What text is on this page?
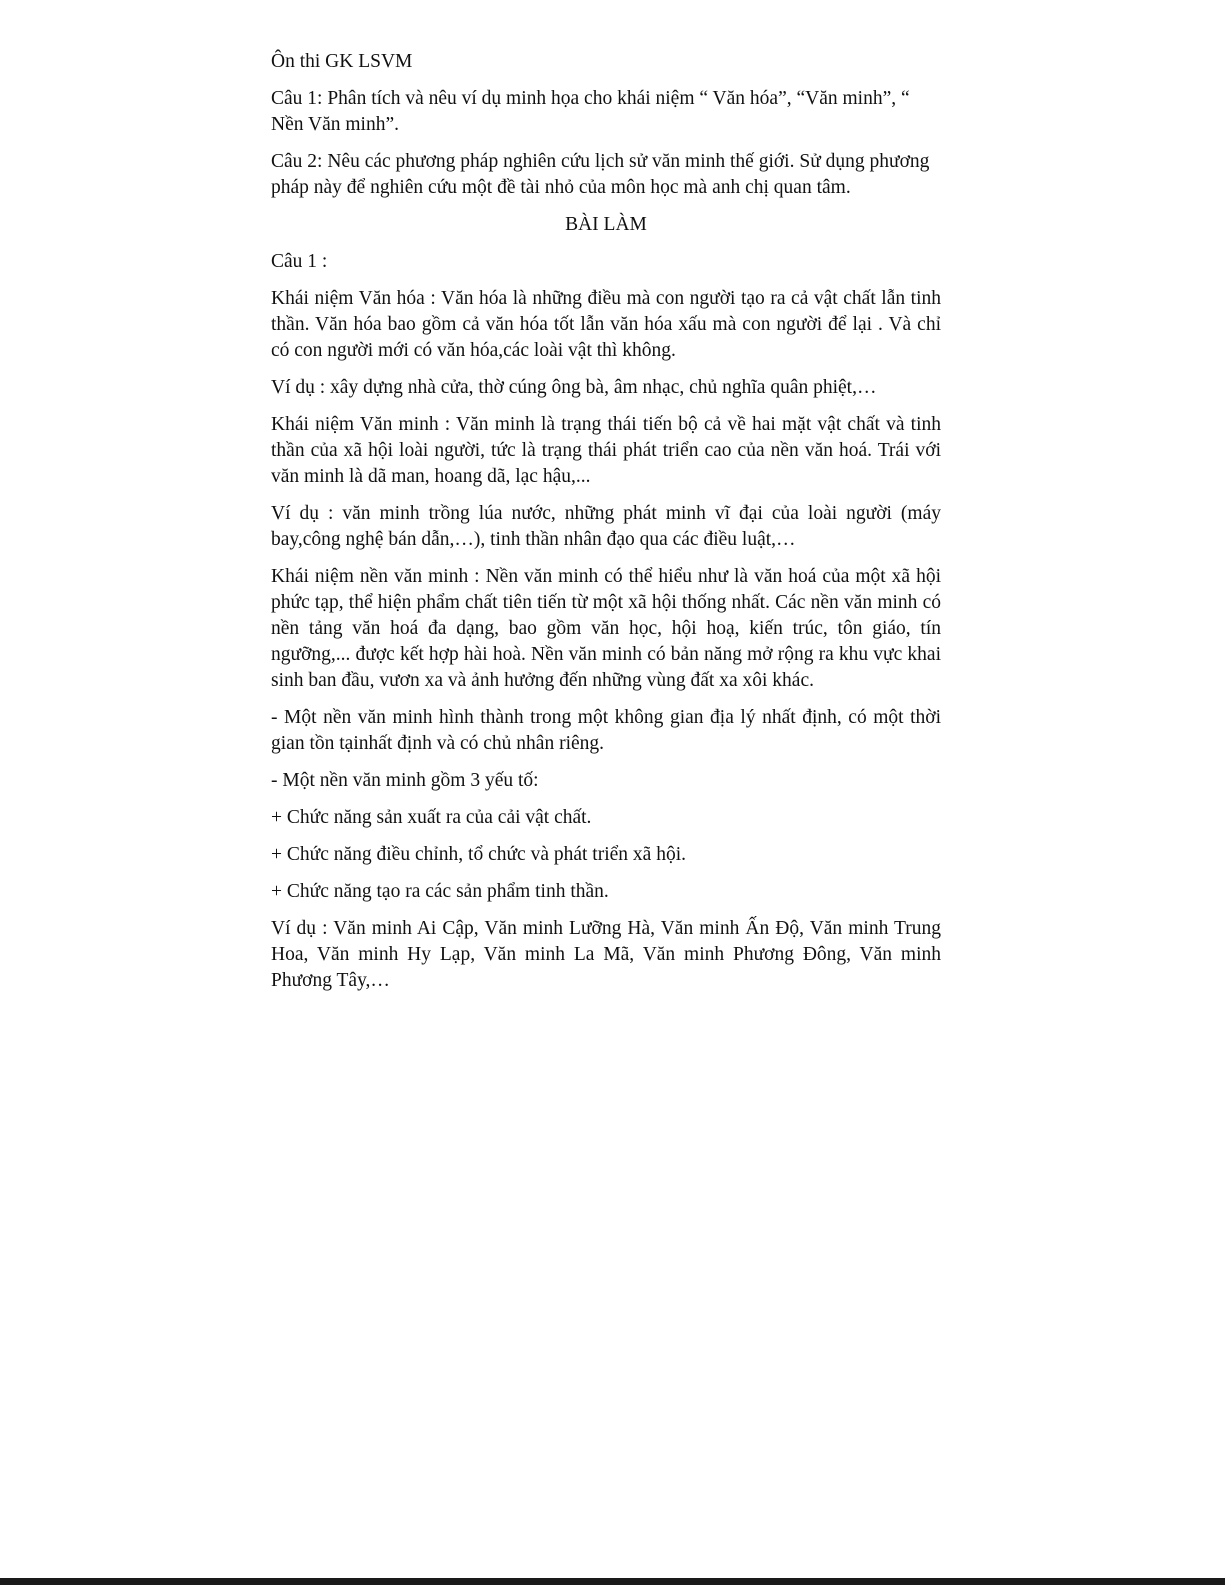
Ôn thi GK LSVM

Câu 1: Phân tích và nêu ví dụ minh họa cho khái niệm “ Văn hóa”, “Văn minh”, “ Nền Văn minh”.

Câu 2: Nêu các phương pháp nghiên cứu lịch sử văn minh thế giới. Sử dụng phương pháp này để nghiên cứu một đề tài nhỏ của môn học mà anh chị quan tâm.

BÀI LÀM

Câu 1 :

Khái niệm Văn hóa : Văn hóa là những điều mà con người tạo ra cả vật chất lẫn tinh thần. Văn hóa bao gồm cả văn hóa tốt lẫn văn hóa xấu mà con người để lại . Và chỉ có con người mới có văn hóa,các loài vật thì không.

Ví dụ : xây dựng nhà cửa, thờ cúng ông bà, âm nhạc, chủ nghĩa quân phiệt,…

Khái niệm Văn minh : Văn minh là trạng thái tiến bộ cả về hai mặt vật chất và tinh thần của xã hội loài người, tức là trạng thái phát triển cao của nền văn hoá. Trái với văn minh là dã man, hoang dã, lạc hậu,...

Ví dụ : văn minh trồng lúa nước, những phát minh vĩ đại của loài người (máy bay,công nghệ bán dẫn,…), tinh thần nhân đạo qua các điều luật,…

Khái niệm nền văn minh : Nền văn minh có thể hiểu như là văn hoá của một xã hội phức tạp, thể hiện phẩm chất tiên tiến từ một xã hội thống nhất. Các nền văn minh có nền tảng văn hoá đa dạng, bao gồm văn học, hội hoạ, kiến trúc, tôn giáo, tín ngưỡng,... được kết hợp hài hoà. Nền văn minh có bản năng mở rộng ra khu vực khai sinh ban đầu, vươn xa và ảnh hưởng đến những vùng đất xa xôi khác.

- Một nền văn minh hình thành trong một không gian địa lý nhất định, có một thời gian tồn tạinhất định và có chủ nhân riêng.

- Một nền văn minh gồm 3 yếu tố:

+ Chức năng sản xuất ra của cải vật chất.

+ Chức năng điều chỉnh, tổ chức và phát triển xã hội.

+ Chức năng tạo ra các sản phẩm tinh thần.

Ví dụ : Văn minh Ai Cập, Văn minh Lưỡng Hà, Văn minh Ấn Độ, Văn minh Trung Hoa, Văn minh Hy Lạp, Văn minh La Mã, Văn minh Phương Đông, Văn minh Phương Tây,…
